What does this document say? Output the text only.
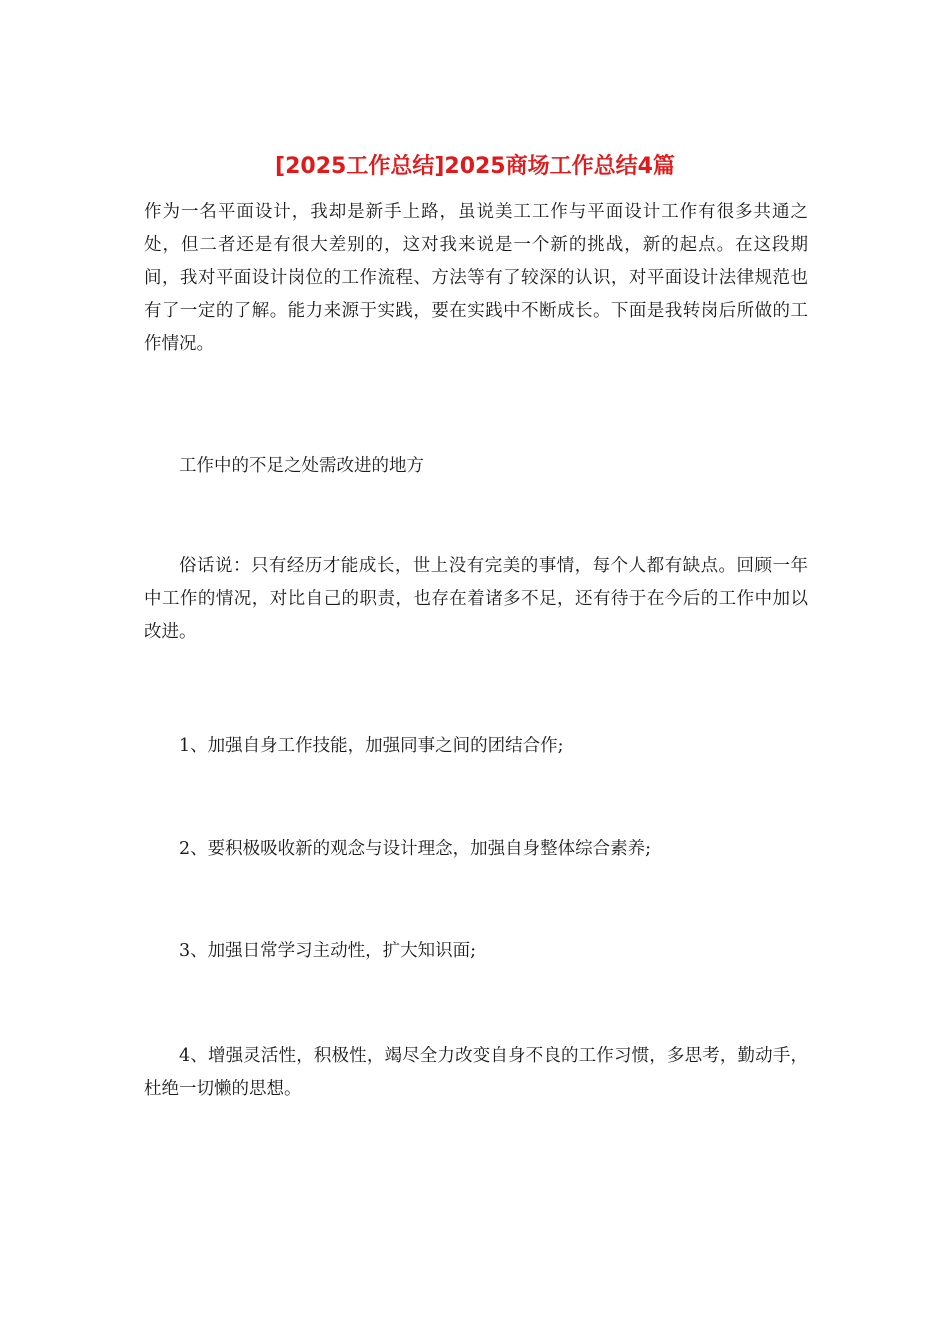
[2025工作总结]2025商场工作总结4篇

作为一名平面设计，我却是新手上路，虽说美工工作与平面设计工作有很多共通之处，但二者还是有很大差别的，这对我来说是一个新的挑战，新的起点。在这段期间，我对平面设计岗位的工作流程、方法等有了较深的认识，对平面设计法律规范也有了一定的了解。能力来源于实践，要在实践中不断成长。下面是我转岗后所做的工作情况。

工作中的不足之处需改进的地方

俗话说：只有经历才能成长，世上没有完美的事情，每个人都有缺点。回顾一年中工作的情况，对比自己的职责，也存在着诸多不足，还有待于在今后的工作中加以改进。

1、加强自身工作技能，加强同事之间的团结合作;

2、要积极吸收新的观念与设计理念，加强自身整体综合素养;

3、加强日常学习主动性，扩大知识面;

4、增强灵活性，积极性，竭尽全力改变自身不良的工作习惯，多思考，勤动手，杜绝一切懒的思想。
